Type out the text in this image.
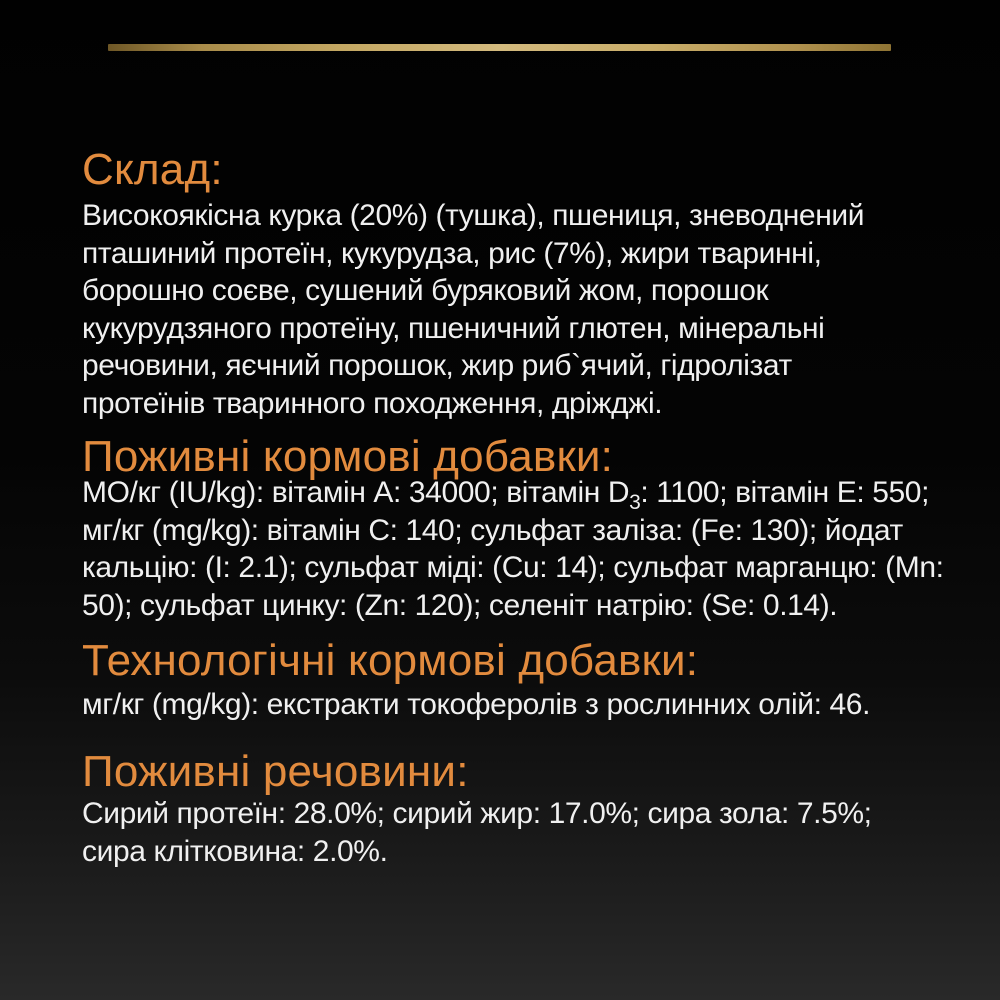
Склад:
Високоякісна курка (20%) (тушка), пшениця, зневоднений
пташиний протеїн, кукурудза, рис (7%), жири тваринні,
борошно соєве, сушений буряковий жом, порошок
кукурудзяного протеїну, пшеничний глютен, мінеральні
речовини, яєчний порошок, жир риб`ячий, гідролізат
протеїнів тваринного походження, дріжджі.
Поживні кормові добавки:
МО/кг (IU/kg): вітамін A: 34000; вітамін $D_3$: 1100; вітамін E: 550;
мг/кг (mg/kg): вітамін C: 140; сульфат заліза: (Fe: 130); йодат
кальцію: (I: 2.1); сульфат міді: (Cu: 14); сульфат марганцю: (Mn:
50); сульфат цинку: (Zn: 120); селеніт натрію: (Se: 0.14).
Технологічні кормові добавки:
мг/кг (mg/kg): екстракти токоферолів з рослинних олій: 46.
Поживні речовини:
Сирий протеїн: 28.0%; сирий жир: 17.0%; сира зола: 7.5%;
сира клітковина: 2.0%.
